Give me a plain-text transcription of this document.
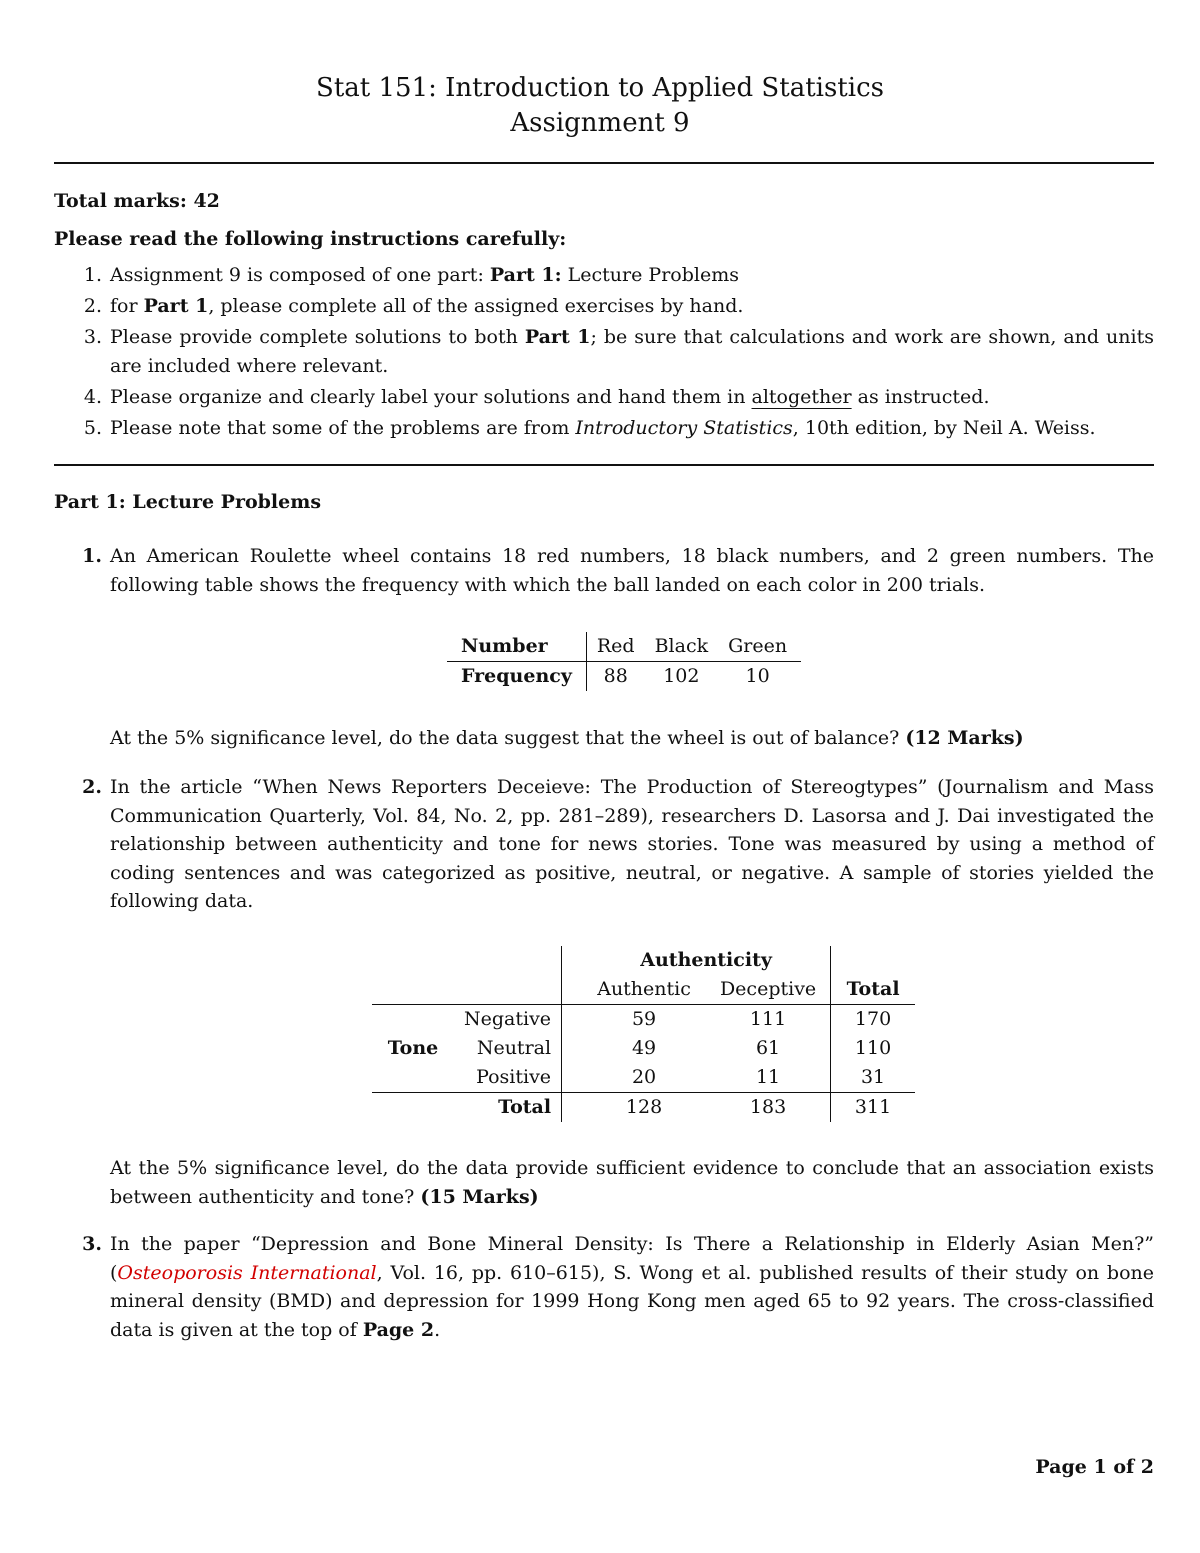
Stat 151: Introduction to Applied Statistics
Assignment 9
Total marks: 42
Please read the following instructions carefully:
1. Assignment 9 is composed of one part: Part 1: Lecture Problems
2. for Part 1, please complete all of the assigned exercises by hand.
3. Please provide complete solutions to both Part 1; be sure that calculations and work are shown, and units are included where relevant.
4. Please organize and clearly label your solutions and hand them in altogether as instructed.
5. Please note that some of the problems are from Introductory Statistics, 10th edition, by Neil A. Weiss.
Part 1: Lecture Problems
1. An American Roulette wheel contains 18 red numbers, 18 black numbers, and 2 green numbers. The following table shows the frequency with which the ball landed on each color in 200 trials.
Number	Red	Black	Green
Frequency	88	102	10
At the 5% significance level, do the data suggest that the wheel is out of balance? (12 Marks)
2. In the article “When News Reporters Deceieve: The Production of Stereogtypes” (Journalism and Mass Communication Quarterly, Vol. 84, No. 2, pp. 281–289), researchers D. Lasorsa and J. Dai investigated the relationship between authenticity and tone for news stories. Tone was measured by using a method of coding sentences and was categorized as positive, neutral, or negative. A sample of stories yielded the following data.
			Authenticity		
			Authentic	Deceptive	Total
	Negative		59	111	170
Tone	Neutral		49	61	110
	Positive		20	11	31
	Total		128	183	311
At the 5% significance level, do the data provide sufficient evidence to conclude that an association exists between authenticity and tone? (15 Marks)
3. In the paper “Depression and Bone Mineral Density: Is There a Relationship in Elderly Asian Men?” (Osteoporosis International, Vol. 16, pp. 610–615), S. Wong et al. published results of their study on bone mineral density (BMD) and depression for 1999 Hong Kong men aged 65 to 92 years. The cross-classified data is given at the top of Page 2.
Page 1 of 2
